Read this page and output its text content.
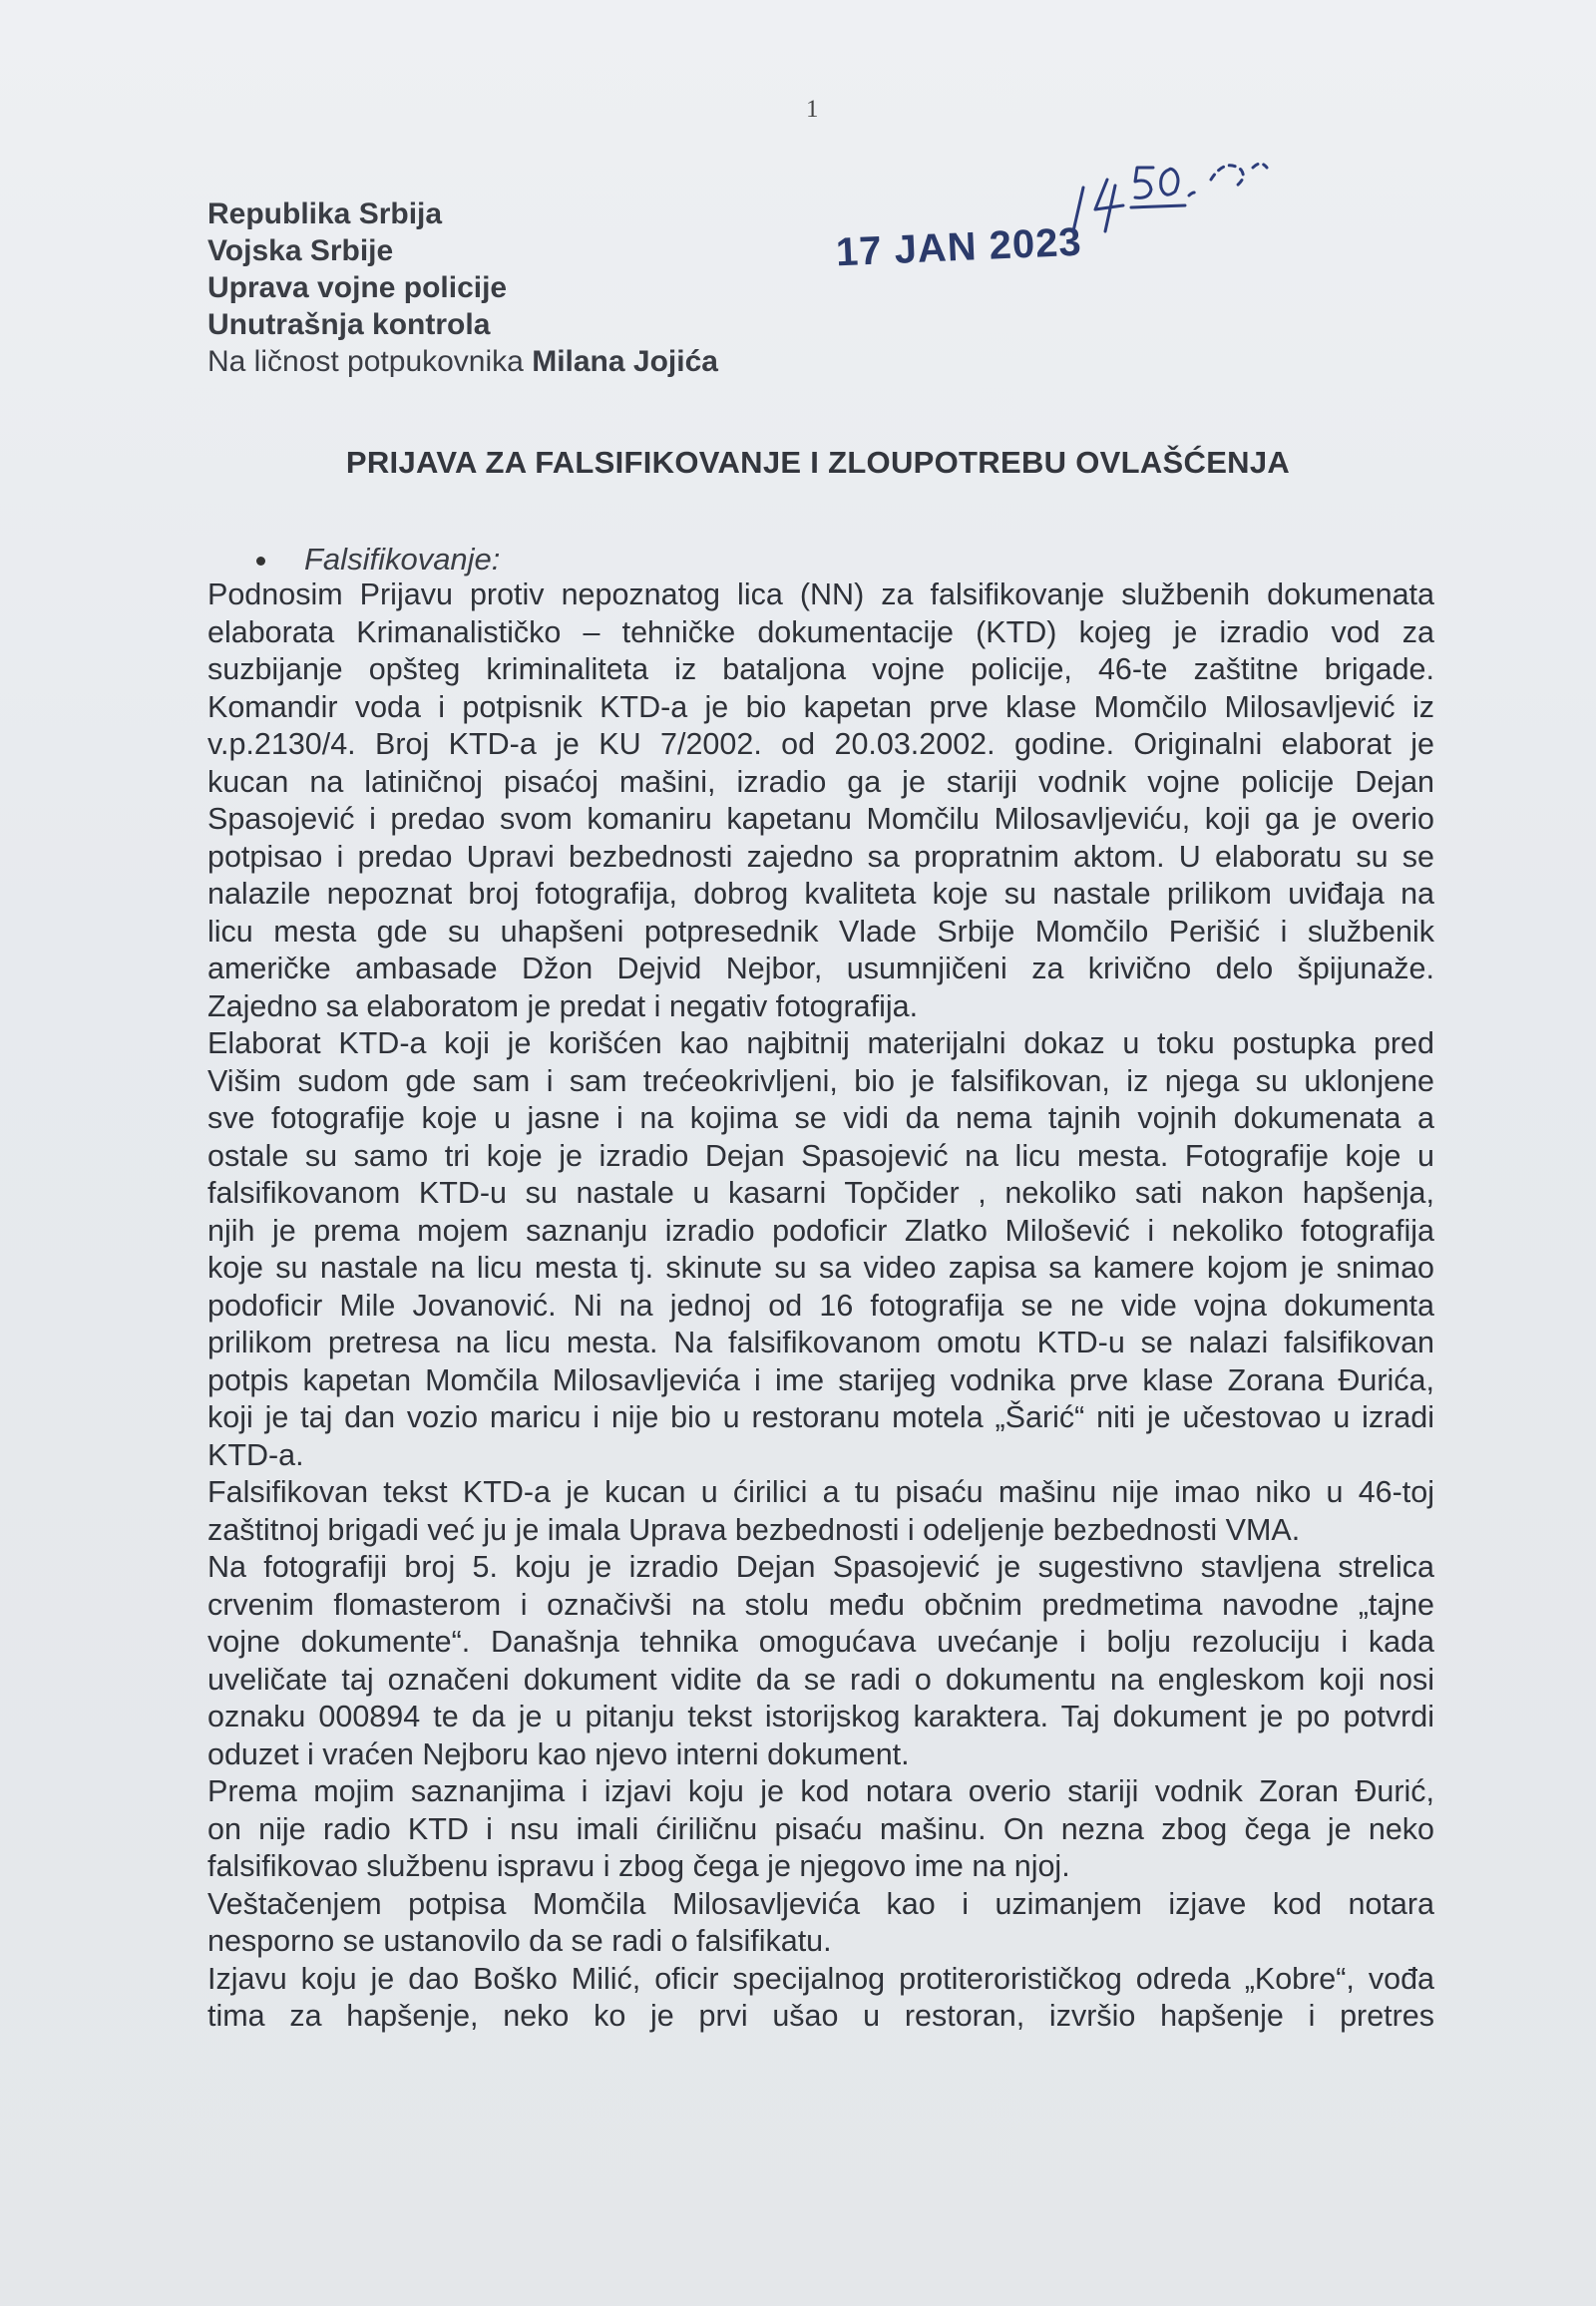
1
Republika Srbija
Vojska Srbije
Uprava vojne policije
Unutrašnja kontrola
Na ličnost potpukovnika Milana Jojića
17 JAN 2023
PRIJAVA ZA FALSIFIKOVANJE I ZLOUPOTREBU OVLAŠĆENJA
Falsifikovanje:
Podnosim Prijavu protiv nepoznatog lica (NN) za falsifikovanje službenih dokumenata
elaborata Krimanalističko – tehničke dokumentacije (KTD) kojeg je izradio vod za
suzbijanje opšteg kriminaliteta iz bataljona vojne policije, 46-te zaštitne brigade.
Komandir voda i potpisnik KTD-a je bio kapetan prve klase Momčilo Milosavljević iz
v.p.2130/4. Broj KTD-a je KU 7/2002. od 20.03.2002. godine. Originalni elaborat je
kucan na latiničnoj pisaćoj mašini, izradio ga je stariji vodnik vojne policije Dejan
Spasojević i predao svom komaniru kapetanu Momčilu Milosavljeviću, koji ga je overio
potpisao i predao Upravi bezbednosti zajedno sa propratnim aktom. U elaboratu su se
nalazile nepoznat broj fotografija, dobrog kvaliteta koje su nastale prilikom uviđaja na
licu mesta gde su uhapšeni potpresednik Vlade Srbije Momčilo Perišić i službenik
američke ambasade Džon Dejvid Nejbor, usumnjičeni za krivično delo špijunaže.
Zajedno sa elaboratom je predat i negativ fotografija.
Elaborat KTD-a koji je korišćen kao najbitnij materijalni dokaz u toku postupka pred
Višim sudom gde sam i sam trećeokrivljeni, bio je falsifikovan, iz njega su uklonjene
sve fotografije koje u jasne i na kojima se vidi da nema tajnih vojnih dokumenata a
ostale su samo tri koje je izradio Dejan Spasojević na licu mesta. Fotografije koje u
falsifikovanom KTD-u su nastale u kasarni Topčider , nekoliko sati nakon hapšenja,
njih je prema mojem saznanju izradio podoficir Zlatko Milošević i nekoliko fotografija
koje su nastale na licu mesta tj. skinute su sa video zapisa sa kamere kojom je snimao
podoficir Mile Jovanović. Ni na jednoj od 16 fotografija se ne vide vojna dokumenta
prilikom pretresa na licu mesta. Na falsifikovanom omotu KTD-u se nalazi falsifikovan
potpis kapetan Momčila Milosavljevića i ime starijeg vodnika prve klase Zorana Đurića,
koji je taj dan vozio maricu i nije bio u restoranu motela „Šarić“ niti je učestovao u izradi
KTD-a.
Falsifikovan tekst KTD-a je kucan u ćirilici a tu pisaću mašinu nije imao niko u 46-toj
zaštitnoj brigadi već ju je imala Uprava bezbednosti i odeljenje bezbednosti VMA.
Na fotografiji broj 5. koju je izradio Dejan Spasojević je sugestivno stavljena strelica
crvenim flomasterom i označivši na stolu među občnim predmetima navodne „tajne
vojne dokumente“. Današnja tehnika omogućava uvećanje i bolju rezoluciju i kada
uveličate taj označeni dokument vidite da se radi o dokumentu na engleskom koji nosi
oznaku 000894 te da je u pitanju tekst istorijskog karaktera. Taj dokument je po potvrdi
oduzet i vraćen Nejboru kao njevo interni dokument.
Prema mojim saznanjima i izjavi koju je kod notara overio stariji vodnik Zoran Đurić,
on nije radio KTD i nsu imali ćiriličnu pisaću mašinu. On nezna zbog čega je neko
falsifikovao službenu ispravu i zbog čega je njegovo ime na njoj.
Veštačenjem potpisa Momčila Milosavljevića kao i uzimanjem izjave kod notara
nesporno se ustanovilo da se radi o falsifikatu.
Izjavu koju je dao Boško Milić, oficir specijalnog protiterorističkog odreda „Kobre“, vođa
tima za hapšenje, neko ko je prvi ušao u restoran, izvršio hapšenje i pretres
